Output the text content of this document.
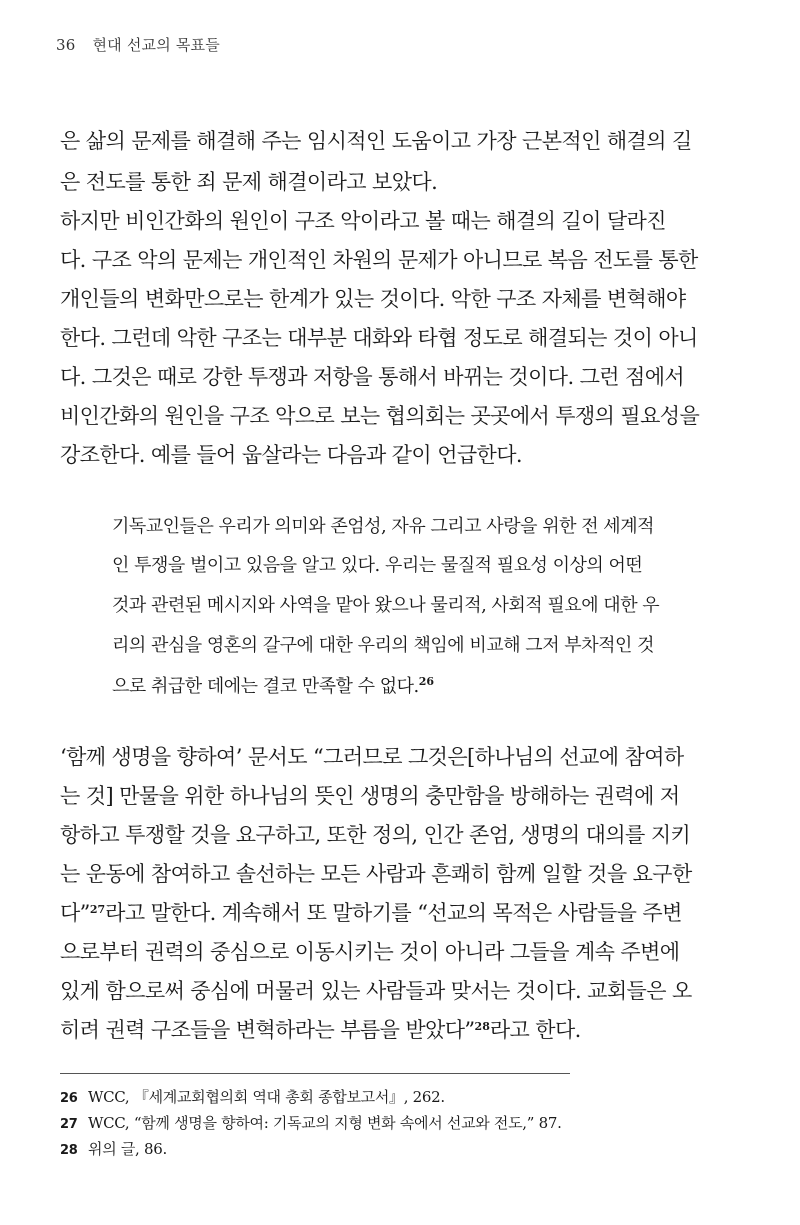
36 현대 선교의 목표들
은 삶의 문제를 해결해 주는 임시적인 도움이고 가장 근본적인 해결의 길
은 전도를 통한 죄 문제 해결이라고 보았다.
하지만 비인간화의 원인이 구조 악이라고 볼 때는 해결의 길이 달라진
다. 구조 악의 문제는 개인적인 차원의 문제가 아니므로 복음 전도를 통한
개인들의 변화만으로는 한계가 있는 것이다. 악한 구조 자체를 변혁해야
한다. 그런데 악한 구조는 대부분 대화와 타협 정도로 해결되는 것이 아니
다. 그것은 때로 강한 투쟁과 저항을 통해서 바뀌는 것이다. 그런 점에서
비인간화의 원인을 구조 악으로 보는 협의회는 곳곳에서 투쟁의 필요성을
강조한다. 예를 들어 웁살라는 다음과 같이 언급한다.
기독교인들은 우리가 의미와 존엄성, 자유 그리고 사랑을 위한 전 세계적
인 투쟁을 벌이고 있음을 알고 있다. 우리는 물질적 필요성 이상의 어떤
것과 관련된 메시지와 사역을 맡아 왔으나 물리적, 사회적 필요에 대한 우
리의 관심을 영혼의 갈구에 대한 우리의 책임에 비교해 그저 부차적인 것
으로 취급한 데에는 결코 만족할 수 없다.$^{26}$
‘함께 생명을 향하여’ 문서도 “그러므로 그것은[하나님의 선교에 참여하
는 것] 만물을 위한 하나님의 뜻인 생명의 충만함을 방해하는 권력에 저
항하고 투쟁할 것을 요구하고, 또한 정의, 인간 존엄, 생명의 대의를 지키
는 운동에 참여하고 솔선하는 모든 사람과 흔쾌히 함께 일할 것을 요구한
다”$^{27}$라고 말한다. 계속해서 또 말하기를 “선교의 목적은 사람들을 주변
으로부터 권력의 중심으로 이동시키는 것이 아니라 그들을 계속 주변에
있게 함으로써 중심에 머물러 있는 사람들과 맞서는 것이다. 교회들은 오
히려 권력 구조들을 변혁하라는 부름을 받았다”$^{28}$라고 한다.
26 WCC, 『세계교회협의회 역대 총회 종합보고서』, 262.
27 WCC, “함께 생명을 향하여: 기독교의 지형 변화 속에서 선교와 전도,” 87.
28 위의 글, 86.
